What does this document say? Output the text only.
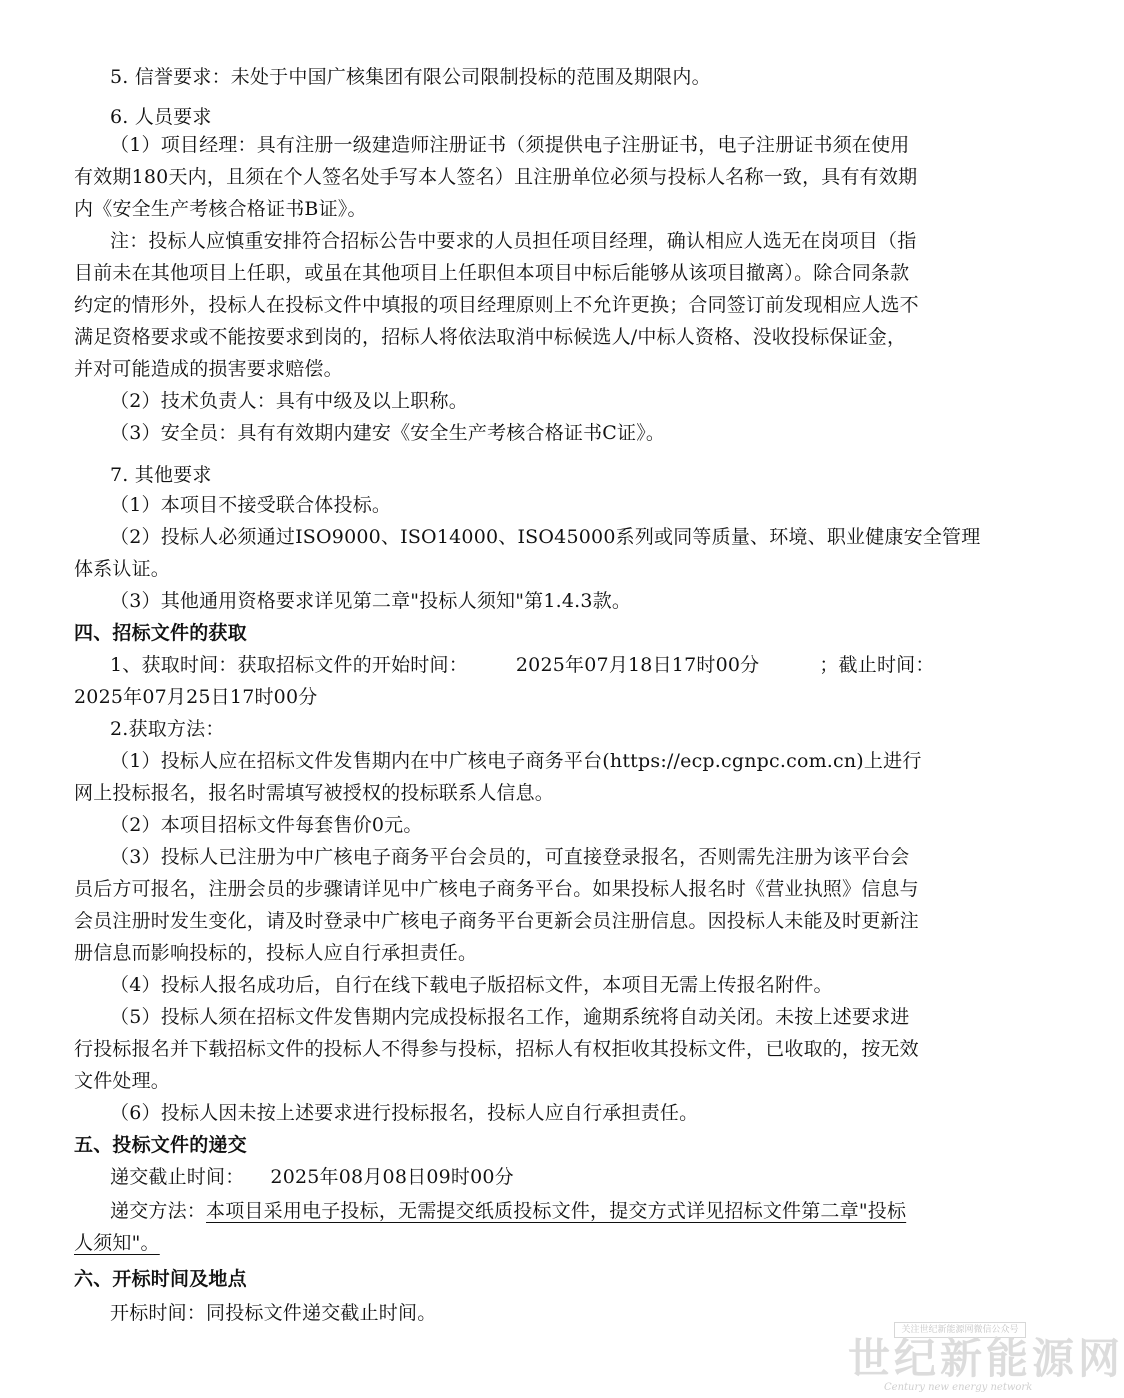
5. 信誉要求：未处于中国广核集团有限公司限制投标的范围及期限内。

6. 人员要求

（1）项目经理：具有注册一级建造师注册证书（须提供电子注册证书，电子注册证书须在使用

有效期180天内，且须在个人签名处手写本人签名）且注册单位必须与投标人名称一致，具有有效期

内《安全生产考核合格证书B证》。

注：投标人应慎重安排符合招标公告中要求的人员担任项目经理，确认相应人选无在岗项目（指

目前未在其他项目上任职，或虽在其他项目上任职但本项目中标后能够从该项目撤离）。除合同条款

约定的情形外，投标人在投标文件中填报的项目经理原则上不允许更换；合同签订前发现相应人选不

满足资格要求或不能按要求到岗的，招标人将依法取消中标候选人/中标人资格、没收投标保证金，

并对可能造成的损害要求赔偿。

（2）技术负责人：具有中级及以上职称。

（3）安全员：具有有效期内建安《安全生产考核合格证书C证》。

7. 其他要求

（1）本项目不接受联合体投标。

（2）投标人必须通过ISO9000、ISO14000、ISO45000系列或同等质量、环境、职业健康安全管理

体系认证。

（3）其他通用资格要求详见第二章"投标人须知"第1.4.3款。

四、招标文件的获取

1、获取时间：获取招标文件的开始时间：	2025年07月18日17时00分	；截止时间：

2025年07月25日17时00分

2.获取方法：

（1）投标人应在招标文件发售期内在中广核电子商务平台(https://ecp.cgnpc.com.cn)上进行

网上投标报名，报名时需填写被授权的投标联系人信息。

（2）本项目招标文件每套售价0元。

（3）投标人已注册为中广核电子商务平台会员的，可直接登录报名，否则需先注册为该平台会

员后方可报名，注册会员的步骤请详见中广核电子商务平台。如果投标人报名时《营业执照》信息与

会员注册时发生变化，请及时登录中广核电子商务平台更新会员注册信息。因投标人未能及时更新注

册信息而影响投标的，投标人应自行承担责任。

（4）投标人报名成功后，自行在线下载电子版招标文件，本项目无需上传报名附件。

（5）投标人须在招标文件发售期内完成投标报名工作，逾期系统将自动关闭。未按上述要求进

行投标报名并下载招标文件的投标人不得参与投标，招标人有权拒收其投标文件，已收取的，按无效

文件处理。

（6）投标人因未按上述要求进行投标报名，投标人应自行承担责任。

五、投标文件的递交

递交截止时间： 2025年08月08日09时00分

递交方法：本项目采用电子投标，无需提交纸质投标文件，提交方式详见招标文件第二章"投标

人须知"。

六、开标时间及地点

开标时间：同投标文件递交截止时间。

关注世纪新能源网微信公众号
世纪新能源网
Century new energy network
